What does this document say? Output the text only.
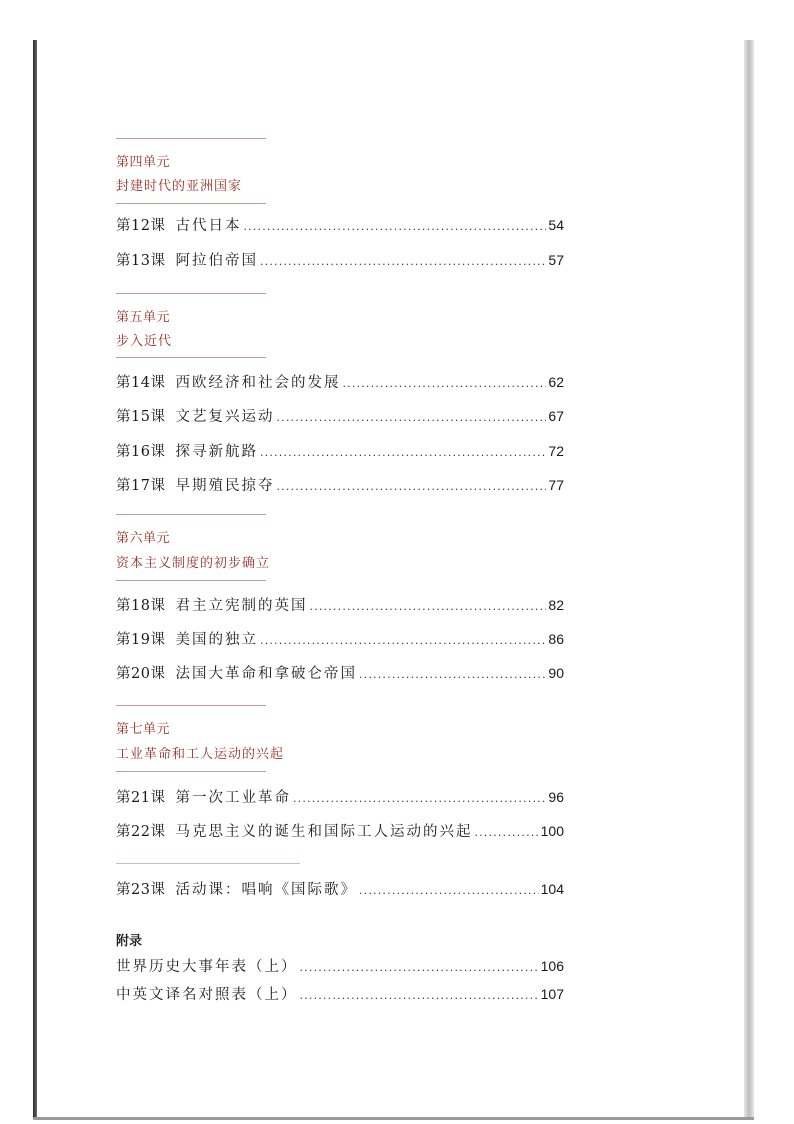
第四单元
封建时代的亚洲国家
第12课 古代日本 .....	54
第13课 阿拉伯帝国 .....	57
第五单元
步入近代
第14课 西欧经济和社会的发展 .....	62
第15课 文艺复兴运动 .....	67
第16课 探寻新航路 .....	72
第17课 早期殖民掠夺 .....	77
第六单元
资本主义制度的初步确立
第18课 君主立宪制的英国 .....	82
第19课 美国的独立 .....	86
第20课 法国大革命和拿破仑帝国 .....	90
第七单元
工业革命和工人运动的兴起
第21课 第一次工业革命 .....	96
第22课 马克思主义的诞生和国际工人运动的兴起 .....	100
第23课 活动课：唱响《国际歌》 .....	104
附录
世界历史大事年表（上） .....	106
中英文译名对照表（上） .....	107
